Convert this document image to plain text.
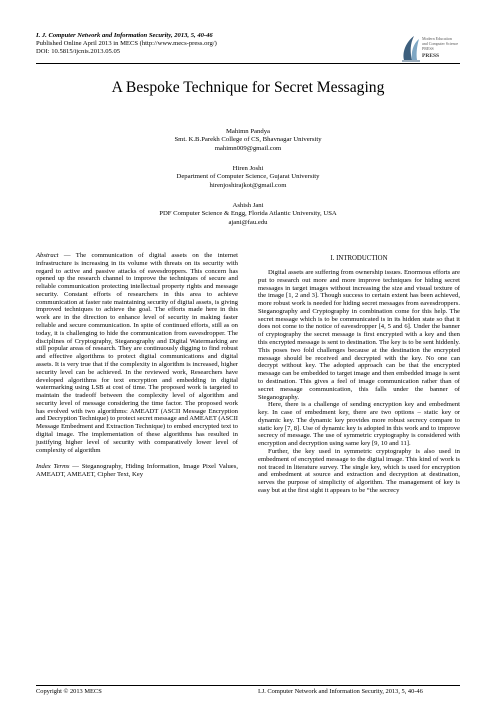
I. J. Computer Network and Information Security, 2013, 5, 40-46
Published Online April 2013 in MECS (http://www.mecs-press.org/)
DOI: 10.5815/ijcnis.2013.05.05
Modern Education
and Computer Science
PRESS
PRESS
A Bespoke Technique for Secret Messaging
Mahimn Pandya
Smt. K.B.Parekh College of CS, Bhavnagar University
mahimn009@gmail.com
Hiren Joshi
Department of Computer Science, Gujarat University
hirenjoshirajkot@gmail.com
Ashish Jani
PDF Computer Science & Engg, Florida Atlantic University, USA
ajani@fau.edu

Abstract — The communication of digital assets on the internet infrastructure is increasing in its volume with threats on its security with regard to active and passive attacks of eavesdroppers. This concern has opened up the research channel to improve the techniques of secure and reliable communication protecting intellectual property rights and message security. Constant efforts of researchers in this area to achieve communication at faster rate maintaining security of digital assets, is giving improved techniques to achieve the goal. The efforts made here in this work are in the direction to enhance level of security in making faster reliable and secure communication. In spite of continued efforts, still as on today, it is challenging to hide the communication from eavesdropper. The disciplines of Cryptography, Steganography and Digital Watermarking are still popular areas of research. They are continuously digging to find robust and effective algorithms to protect digital communications and digital assets. It is very true that if the complexity in algorithm is increased, higher security level can be achieved. In the reviewed work, Researchers have developed algorithms for text encryption and embedding in digital watermarking using LSB at cost of time. The proposed work is targeted to maintain the tradeoff between the complexity level of algorithm and security level of message considering the time factor. The proposed work has evolved with two algorithms: AMEADT (ASCII Message Encryption and Decryption Technique) to protect secret message and AMEAET (ASCII Message Embedment and Extraction Technique) to embed encrypted text to digital image. The implementation of these algorithms has resulted in justifying higher level of security with comparatively lower level of complexity of algorithm

Index Terms — Steganography, Hiding Information, Image Pixel Values, AMEADT, AMEAET, Cipher Text, Key

I. INTRODUCTION

Digital assets are suffering from ownership issues. Enormous efforts are put to research out more and more improve techniques for hiding secret messages in target images without increasing the size and visual texture of the image [1, 2 and 3]. Though success to certain extent has been achieved, more robust work is needed for hiding secret messages from eavesdroppers. Steganography and Cryptography in combination come for this help. The secret message which is to be communicated is in its hidden state so that it does not come to the notice of eavesdropper [4, 5 and 6]. Under the banner of cryptography the secret message is first encrypted with a key and then this encrypted message is sent to destination. The key is to be sent hiddenly. This poses two fold challenges because at the destination the encrypted message should be received and decrypted with the key. No one can decrypt without key. The adopted approach can be that the encrypted message can be embedded to target image and then embedded image is sent to destination. This gives a feel of image communication rather than of secret message communication, this falls under the banner of Steganography.

Here, there is a challenge of sending encryption key and embedment key. In case of embedment key, there are two options – static key or dynamic key. The dynamic key provides more robust secrecy compare to static key [7, 8]. Use of dynamic key is adopted in this work and to improve secrecy of message. The use of symmetric cryptography is considered with encryption and decryption using same key [9, 10 and 11].

Further, the key used in symmetric cryptography is also used in embedment of encrypted message to the digital image. This kind of work is not traced in literature survey. The single key, which is used for encryption and embedment at source and extraction and decryption at destination, serves the purpose of simplicity of algorithm. The management of key is easy but at the first sight it appears to be “the secrecy

Copyright © 2013 MECS	I.J. Computer Network and Information Security, 2013, 5, 40-46
